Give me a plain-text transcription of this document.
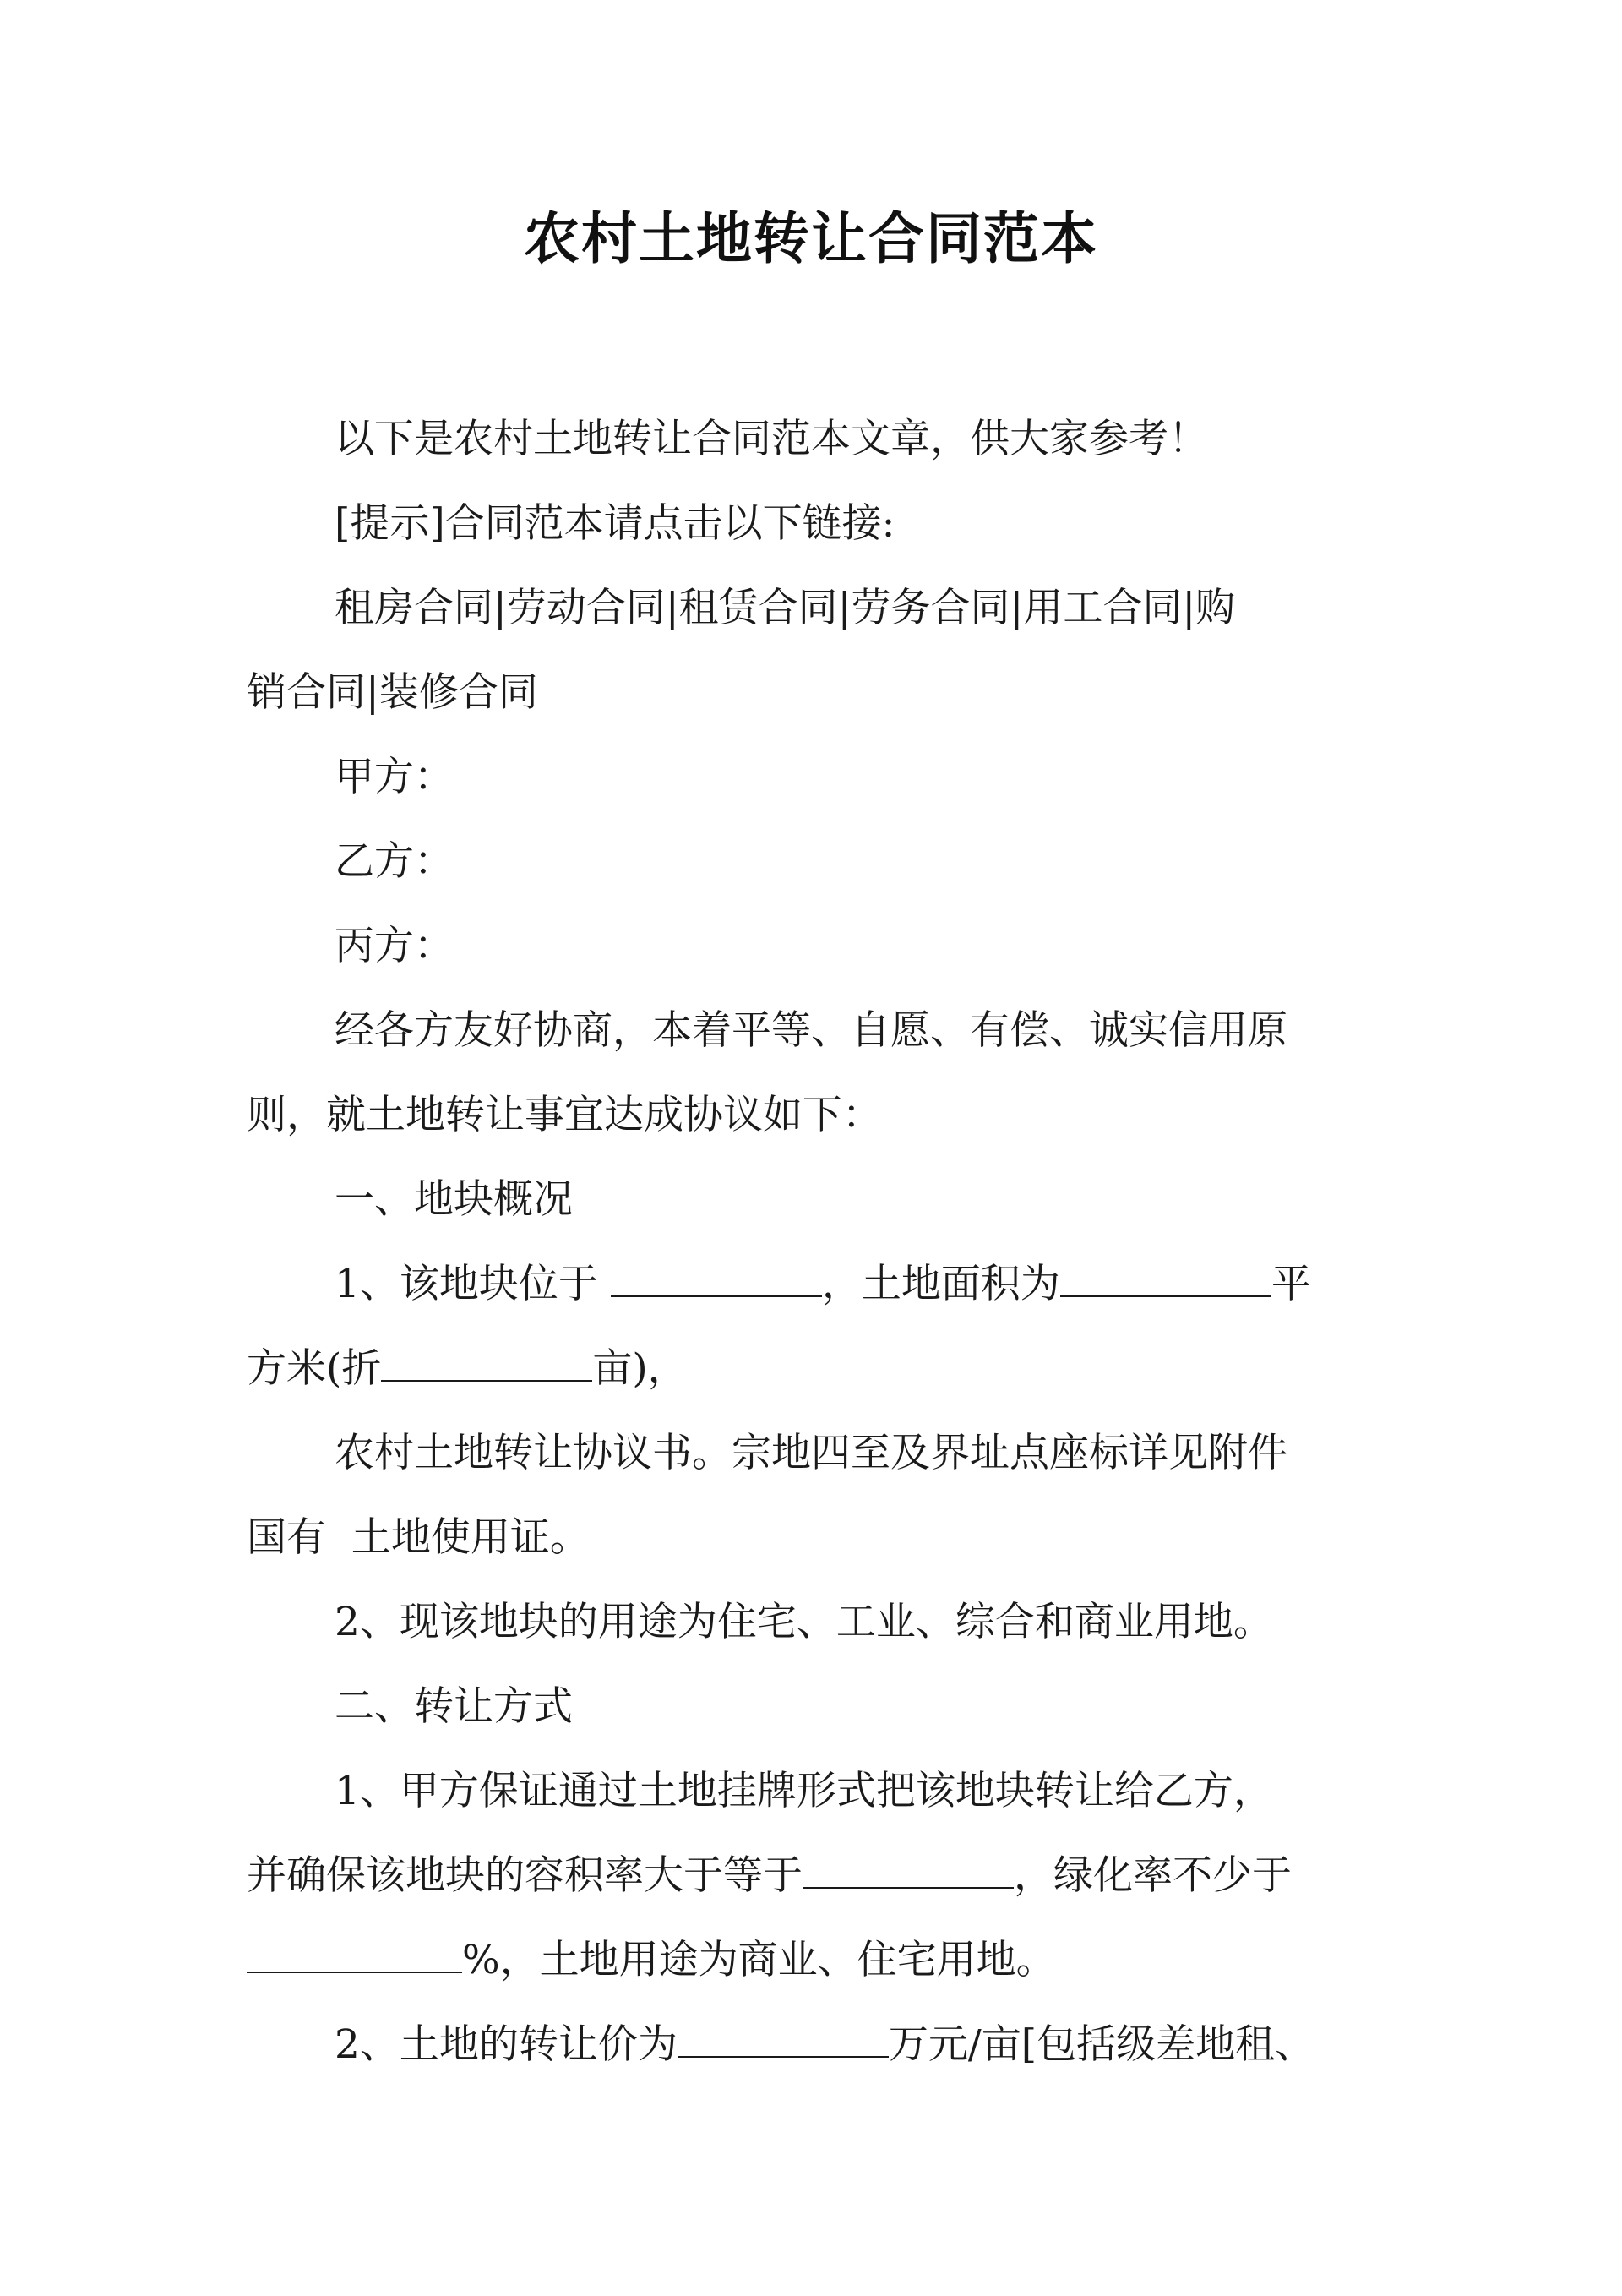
农村土地转让合同范本
以下是农村土地转让合同范本文章，供大家参考！
[提示]合同范本请点击以下链接:
租房合同|劳动合同|租赁合同|劳务合同|用工合同|购
销合同|装修合同
甲方：
乙方：
丙方：
经各方友好协商，本着平等、自愿、有偿、诚实信用原
则，就土地转让事宜达成协议如下：
一、地块概况
1、该地块位于	，土地面积为	平
方米(折	亩)，
农村土地转让协议书。宗地四至及界址点座标详见附件
国有  土地使用证。
2、现该地块的用途为住宅、工业、综合和商业用地。
二、转让方式
1、甲方保证通过土地挂牌形式把该地块转让给乙方，
并确保该地块的容积率大于等于	，绿化率不少于
%，土地用途为商业、住宅用地。
2、土地的转让价为	万元/亩[包括级差地租、
